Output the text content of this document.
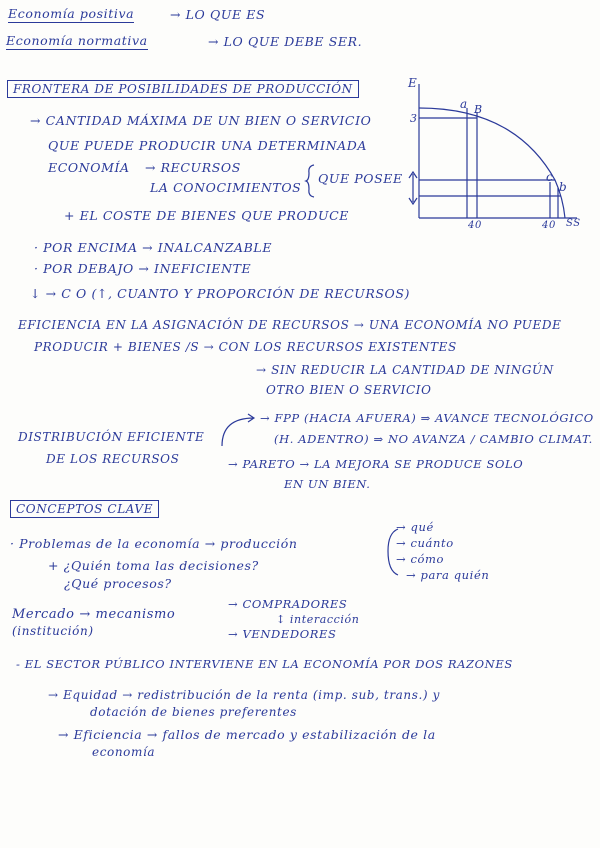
Economía positiva	→ LO QUE ES
Economía normativa	→ LO QUE DEBE SER.
FRONTERA DE POSIBILIDADES DE PRODUCCIÓN
→ CANTIDAD MÁXIMA DE UN BIEN O SERVICIO
QUE PUEDE PRODUCIR UNA DETERMINADA
ECONOMÍA → RECURSOS
LA CONOCIMIENTOS
QUE POSEE
+ EL COSTE DE BIENES QUE PRODUCE
· POR ENCIMA → INALCANZABLE
· POR DEBAJO → INEFICIENTE
↓ → C O (↑, CUANTO Y PROPORCIÓN DE RECURSOS)
E
3
a B
c
b
40	40 SS
EFICIENCIA EN LA ASIGNACIÓN DE RECURSOS → UNA ECONOMÍA NO PUEDE
PRODUCIR + BIENES /S → CON LOS RECURSOS EXISTENTES
→ SIN REDUCIR LA CANTIDAD DE NINGÚN
OTRO BIEN O SERVICIO
DISTRIBUCIÓN EFICIENTE
DE LOS RECURSOS
→ FPP (HACIA AFUERA) ⇒ AVANCE TECNOLÓGICO
(H. ADENTRO) ⇒ NO AVANZA / CAMBIO CLIMAT.
→ PARETO → LA MEJORA SE PRODUCE SOLO
EN UN BIEN.
CONCEPTOS CLAVE
· Problemas de la economía → producción
+ ¿Quién toma las decisiones?
¿Qué procesos?
→ qué
→ cuánto
→ cómo
→ para quién
Mercado → mecanismo
(institución)
→ COMPRADORES
↕ interacción
→ VENDEDORES
- EL SECTOR PÚBLICO INTERVIENE EN LA ECONOMÍA POR DOS RAZONES
→ Equidad → redistribución de la renta (imp. sub, trans.) y
dotación de bienes preferentes
→ Eficiencia → fallos de mercado y estabilización de la
economía
